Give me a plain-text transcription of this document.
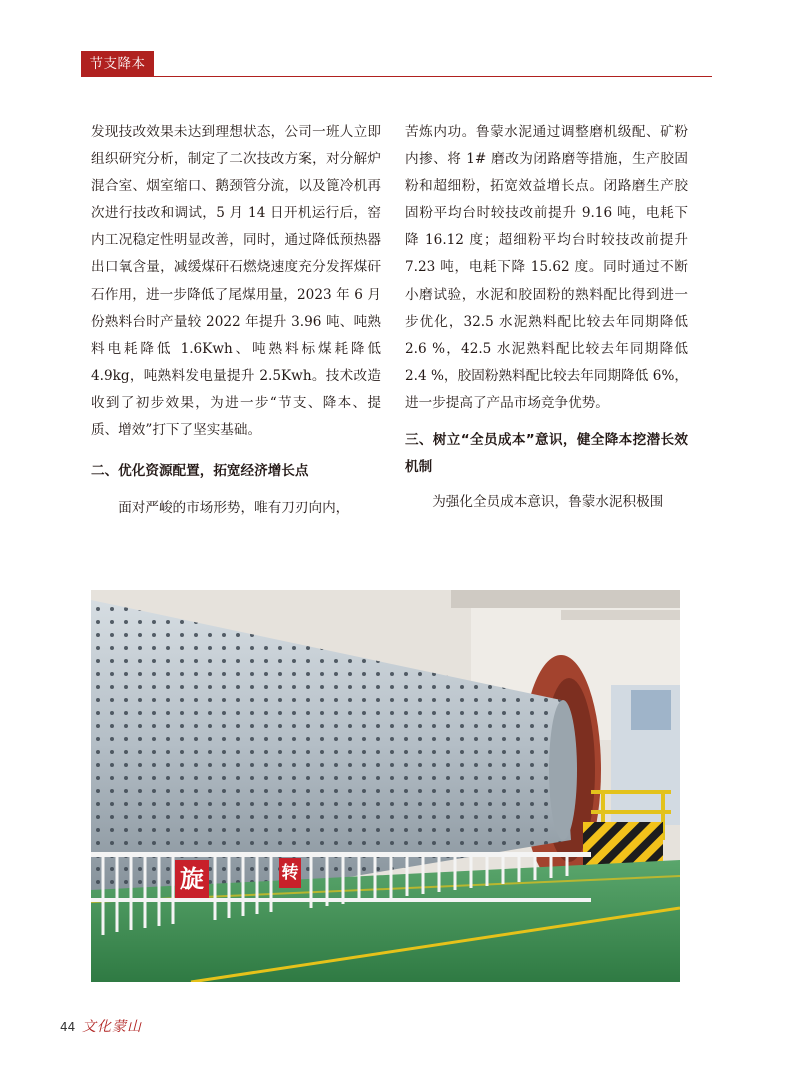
节支降本

发现技改效果未达到理想状态，公司一班人立即组织研究分析，制定了二次技改方案，对分解炉混合室、烟室缩口、鹅颈管分流，以及篦冷机再次进行技改和调试，5 月 14 日开机运行后，窑内工况稳定性明显改善，同时，通过降低预热器出口氧含量，减缓煤矸石燃烧速度充分发挥煤矸石作用，进一步降低了尾煤用量，2023 年 6 月份熟料台时产量较 2022 年提升 3.96 吨、吨熟料电耗降低 1.6Kwh、吨熟料标煤耗降低 4.9kg，吨熟料发电量提升 2.5Kwh。技术改造收到了初步效果，为进一步“节支、降本、提质、增效”打下了坚实基础。

二、优化资源配置，拓宽经济增长点

面对严峻的市场形势，唯有刀刃向内，

苦炼内功。鲁蒙水泥通过调整磨机级配、矿粉内掺、将 1# 磨改为闭路磨等措施，生产胶固粉和超细粉，拓宽效益增长点。闭路磨生产胶固粉平均台时较技改前提升 9.16 吨，电耗下降 16.12 度；超细粉平均台时较技改前提升 7.23 吨，电耗下降 15.62 度。同时通过不断小磨试验，水泥和胶固粉的熟料配比得到进一步优化，32.5 水泥熟料配比较去年同期降低 2.6 %，42.5 水泥熟料配比较去年同期降低 2.4 %，胶固粉熟料配比较去年同期降低 6%，进一步提高了产品市场竞争优势。

三、树立“全员成本”意识，健全降本挖潜长效机制

为强化全员成本意识，鲁蒙水泥积极围

旋	转
44 文化蒙山
